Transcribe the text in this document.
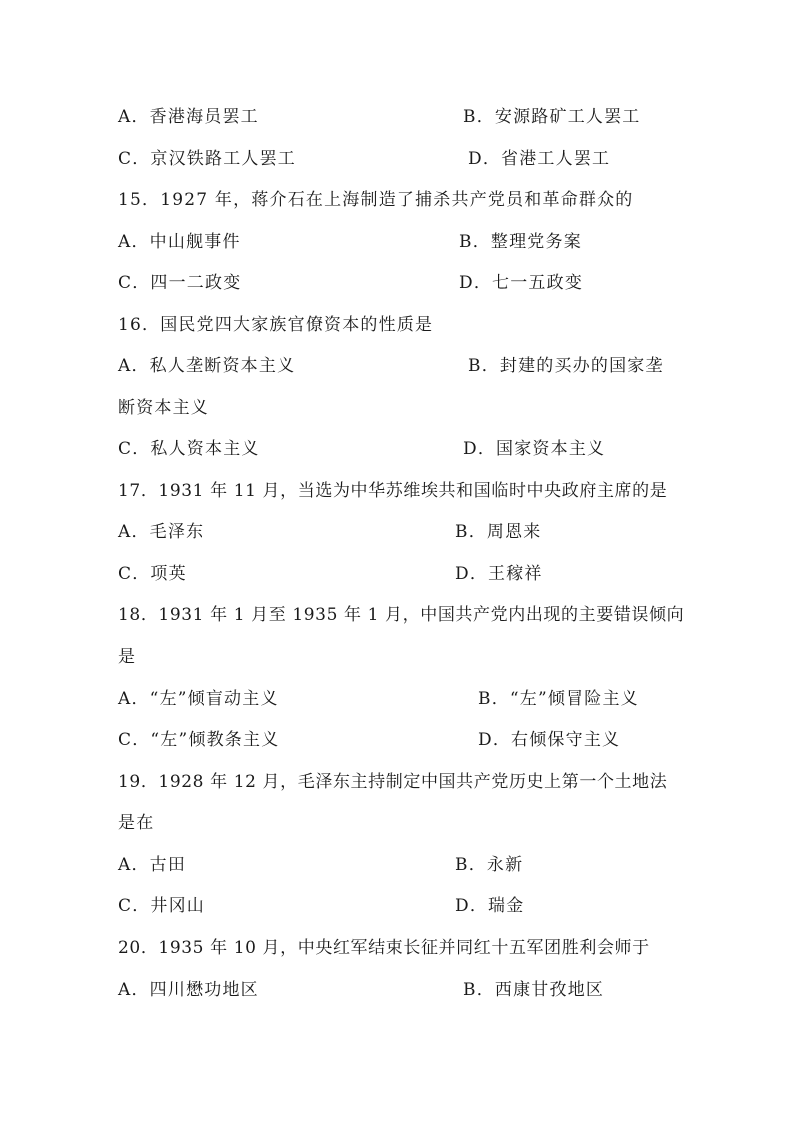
A．香港海员罢工	B．安源路矿工人罢工
C．京汉铁路工人罢工	D．省港工人罢工
15．1927 年，蒋介石在上海制造了捕杀共产党员和革命群众的
A．中山舰事件	B．整理党务案
C．四一二政变	D．七一五政变
16．国民党四大家族官僚资本的性质是
A．私人垄断资本主义	B．封建的买办的国家垄
断资本主义
C．私人资本主义	D．国家资本主义
17．1931 年 11 月，当选为中华苏维埃共和国临时中央政府主席的是
A．毛泽东	B．周恩来
C．项英	D．王稼祥
18．1931 年 1 月至 1935 年 1 月，中国共产党内出现的主要错误倾向
是
A．“左”倾盲动主义	B．“左”倾冒险主义
C．“左”倾教条主义	D．右倾保守主义
19．1928 年 12 月，毛泽东主持制定中国共产党历史上第一个土地法
是在
A．古田	B．永新
C．井冈山	D．瑞金
20．1935 年 10 月，中央红军结束长征并同红十五军团胜利会师于
A．四川懋功地区	B．西康甘孜地区
